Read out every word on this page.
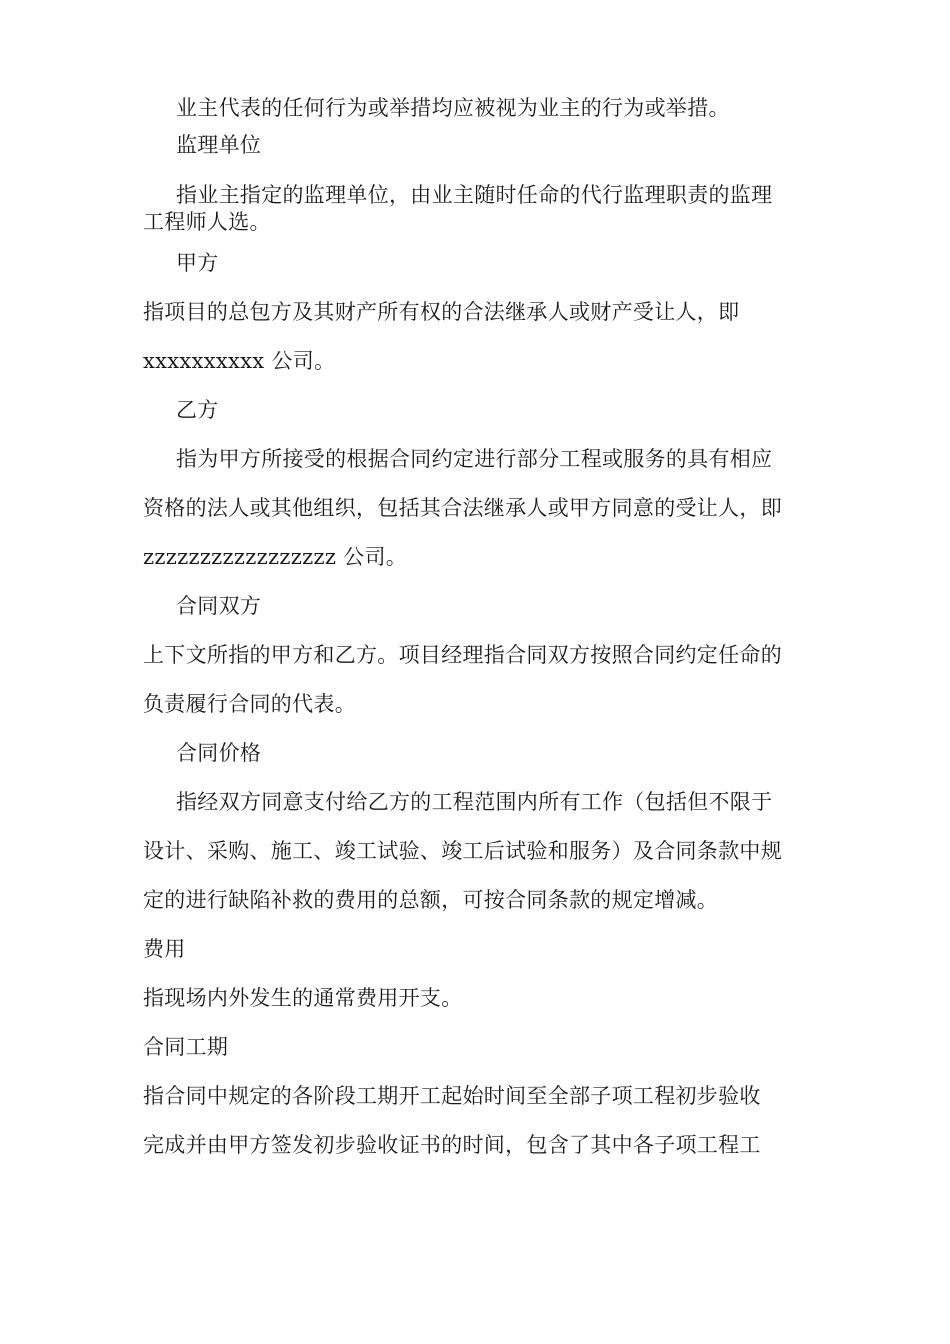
业主代表的任何行为或举措均应被视为业主的行为或举措。
监理单位
指业主指定的监理单位，由业主随时任命的代行监理职责的监理
工程师人选。
甲方
指项目的总包方及其财产所有权的合法继承人或财产受让人，即
xxxxxxxxxx 公司。
乙方
指为甲方所接受的根据合同约定进行部分工程或服务的具有相应
资格的法人或其他组织，包括其合法继承人或甲方同意的受让人，即
zzzzzzzzzzzzzzzzz 公司。
合同双方
上下文所指的甲方和乙方。项目经理指合同双方按照合同约定任命的
负责履行合同的代表。
合同价格
指经双方同意支付给乙方的工程范围内所有工作（包括但不限于
设计、采购、施工、竣工试验、竣工后试验和服务）及合同条款中规
定的进行缺陷补救的费用的总额，可按合同条款的规定增减。
费用
指现场内外发生的通常费用开支。
合同工期
指合同中规定的各阶段工期开工起始时间至全部子项工程初步验收
完成并由甲方签发初步验收证书的时间，包含了其中各子项工程工
